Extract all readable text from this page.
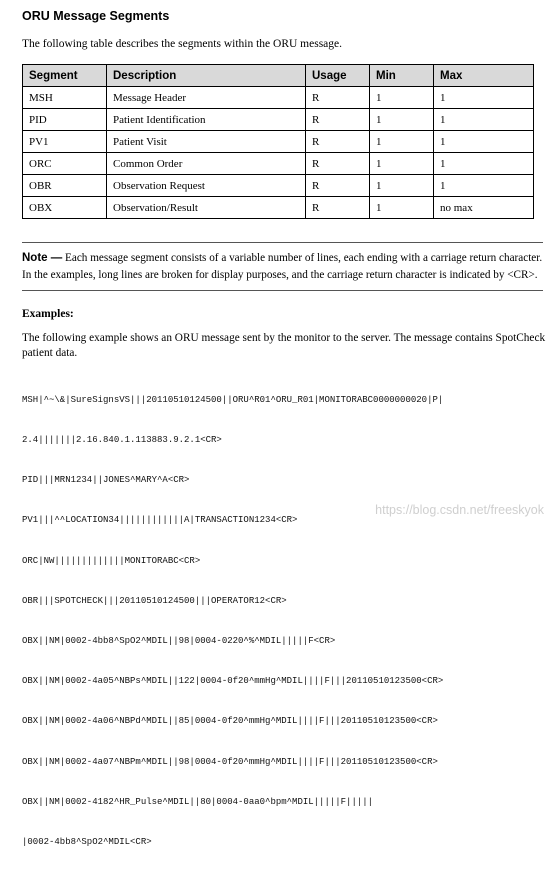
ORU Message Segments
The following table describes the segments within the ORU message.
Segment	Description	Usage	Min	Max
MSH	Message Header	R	1	1
PID	Patient Identification	R	1	1
PV1	Patient Visit	R	1	1
ORC	Common Order	R	1	1
OBR	Observation Request	R	1	1
OBX	Observation/Result	R	1	no max
Note — Each message segment consists of a variable number of lines, each ending with a carriage return character. In the examples, long lines are broken for display purposes, and the carriage return character is indicated by <CR>.
Examples:
The following example shows an ORU message sent by the monitor to the server. The message contains SpotCheck patient data.

MSH|^~\&|SureSignsVS|||20110510124500||ORU^R01^ORU_R01|MONITORABC0000000020|P|

2.4|||||||2.16.840.1.113883.9.2.1<CR>

PID|||MRN1234||JONES^MARY^A<CR>

PV1|||^^LOCATION34||||||||||||A|TRANSACTION1234<CR>

ORC|NW|||||||||||||MONITORABC<CR>

OBR|||SPOTCHECK|||20110510124500|||OPERATOR12<CR>

OBX||NM|0002-4bb8^SpO2^MDIL||98|0004-0220^%^MDIL|||||F<CR>

OBX||NM|0002-4a05^NBPs^MDIL||122|0004-0f20^mmHg^MDIL||||F|||20110510123500<CR>

OBX||NM|0002-4a06^NBPd^MDIL||85|0004-0f20^mmHg^MDIL||||F|||20110510123500<CR>

OBX||NM|0002-4a07^NBPm^MDIL||98|0004-0f20^mmHg^MDIL||||F|||20110510123500<CR>

OBX||NM|0002-4182^HR_Pulse^MDIL||80|0004-0aa0^bpm^MDIL|||||F|||||

|0002-4bb8^SpO2^MDIL<CR>

https://blog.csdn.net/freeskyok
